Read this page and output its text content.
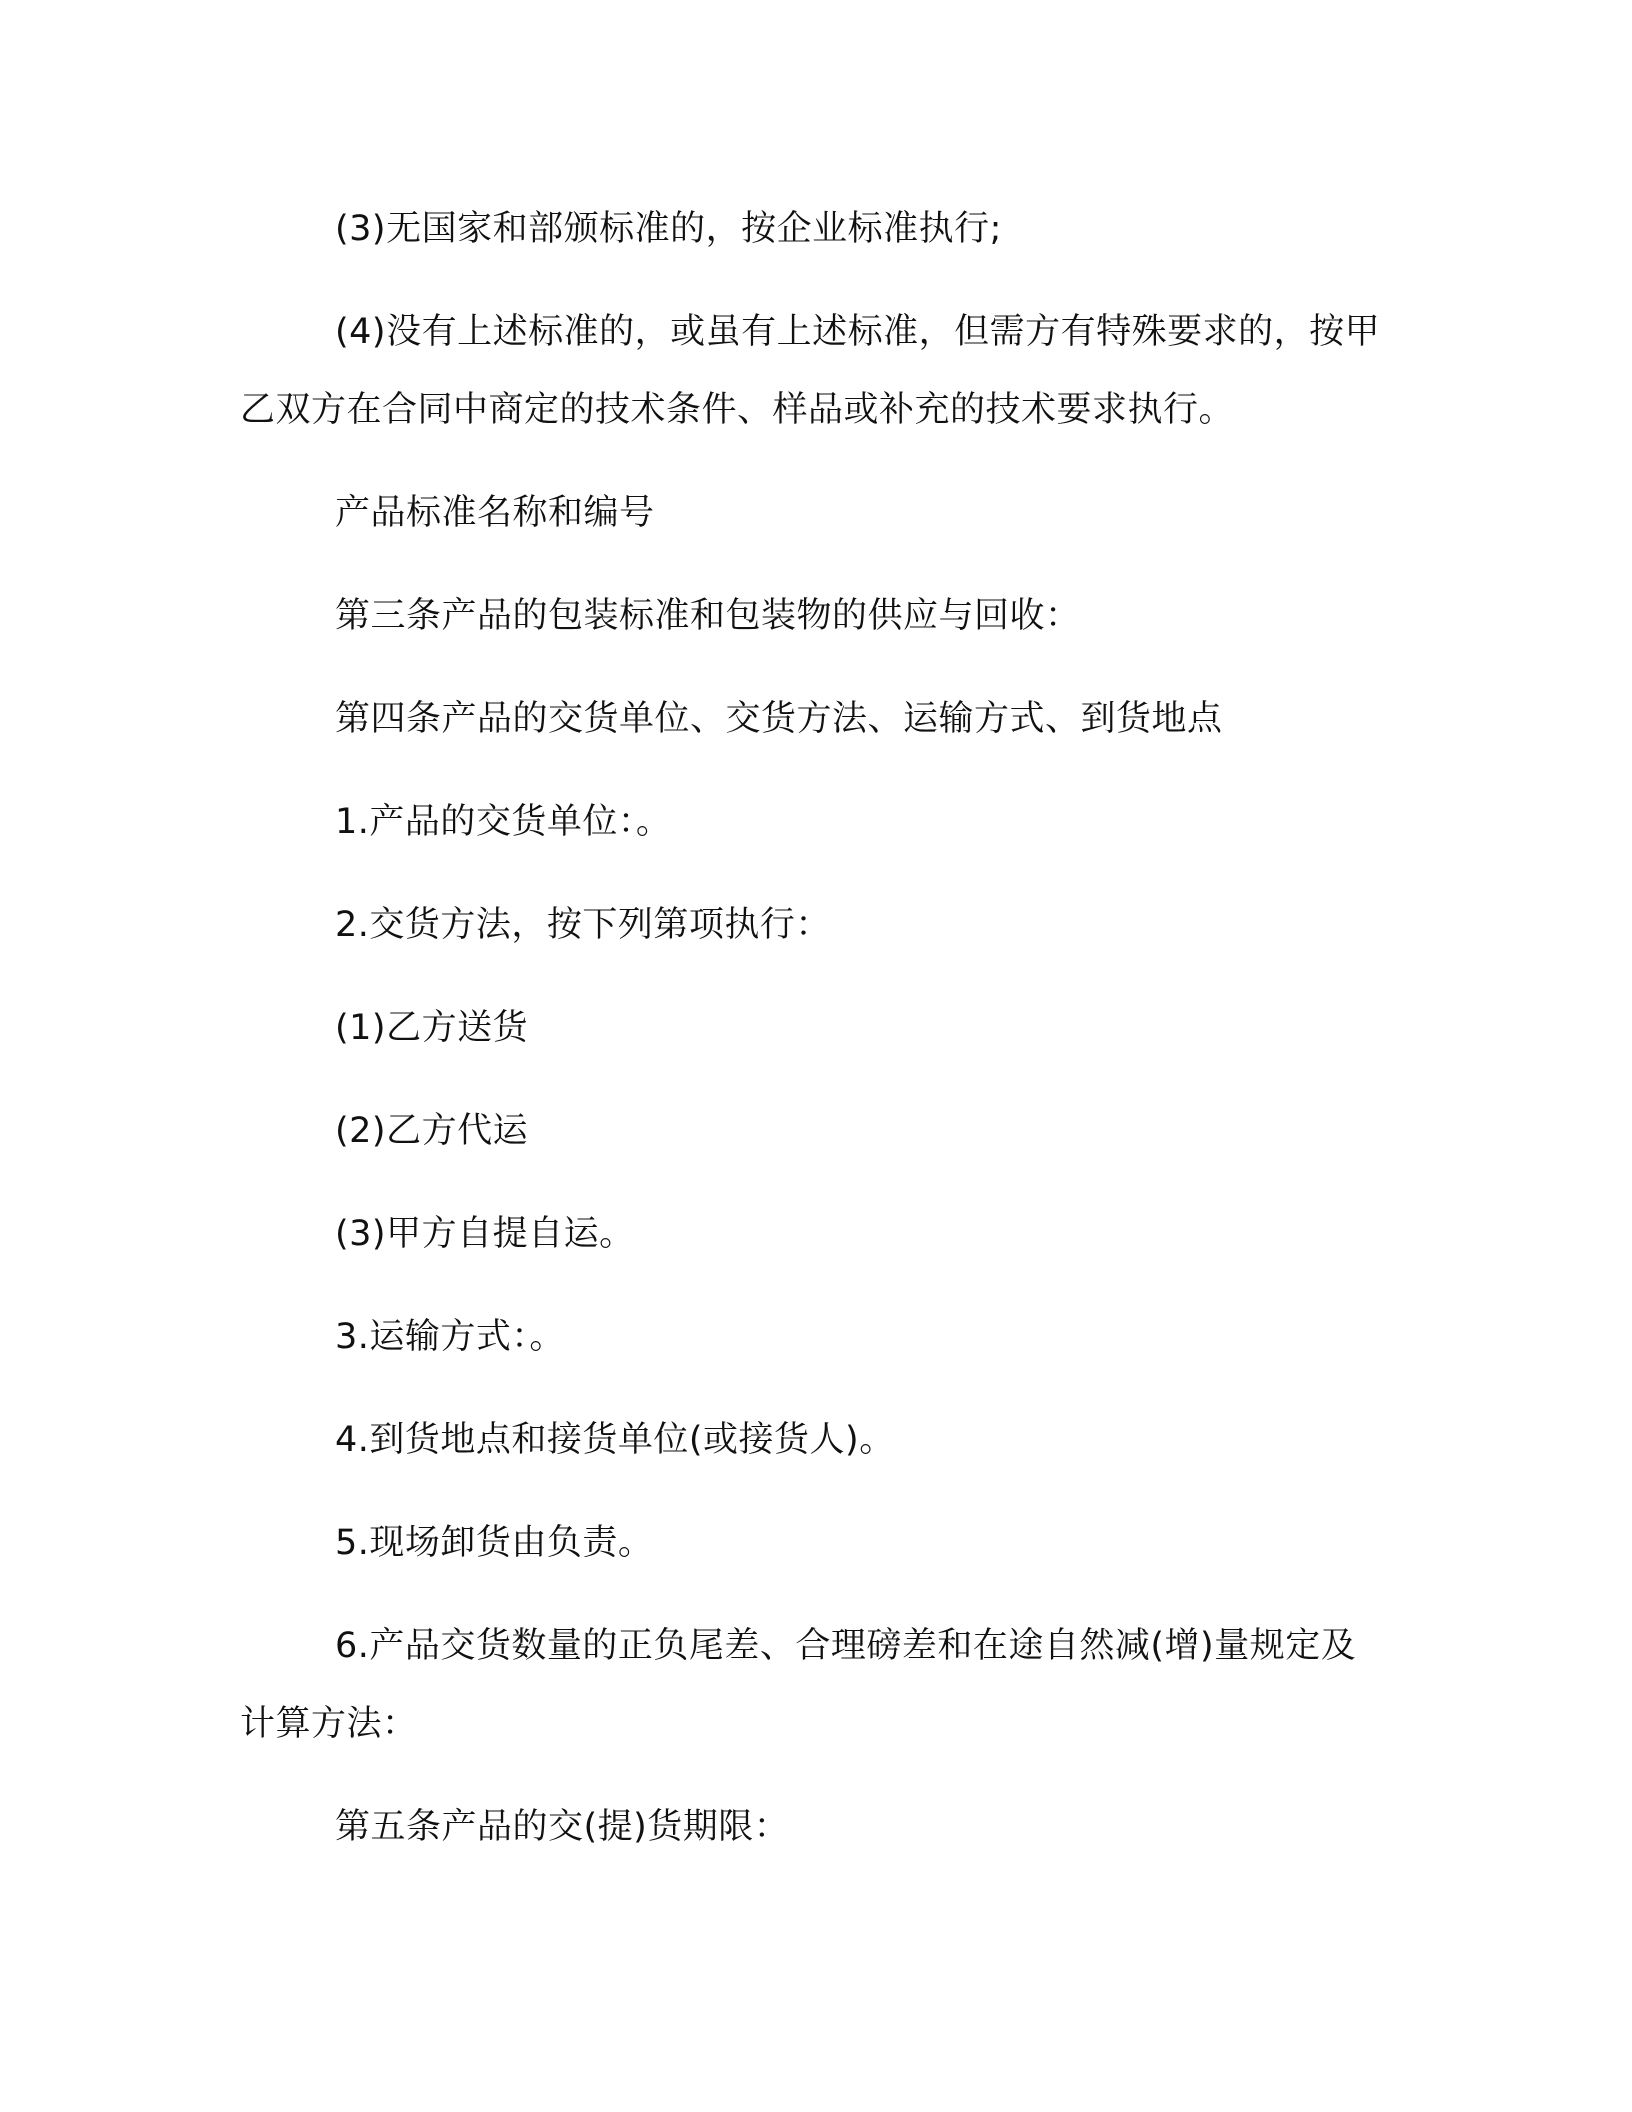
(3)无国家和部颁标准的，按企业标准执行;

(4)没有上述标准的，或虽有上述标准，但需方有特殊要求的，按甲乙双方在合同中商定的技术条件、样品或补充的技术要求执行。

产品标准名称和编号

第三条产品的包装标准和包装物的供应与回收：

第四条产品的交货单位、交货方法、运输方式、到货地点

1.产品的交货单位：。

2.交货方法，按下列第项执行：

(1)乙方送货

(2)乙方代运

(3)甲方自提自运。

3.运输方式：。

4.到货地点和接货单位(或接货人)。

5.现场卸货由负责。

6.产品交货数量的正负尾差、合理磅差和在途自然减(增)量规定及计算方法：

第五条产品的交(提)货期限：
